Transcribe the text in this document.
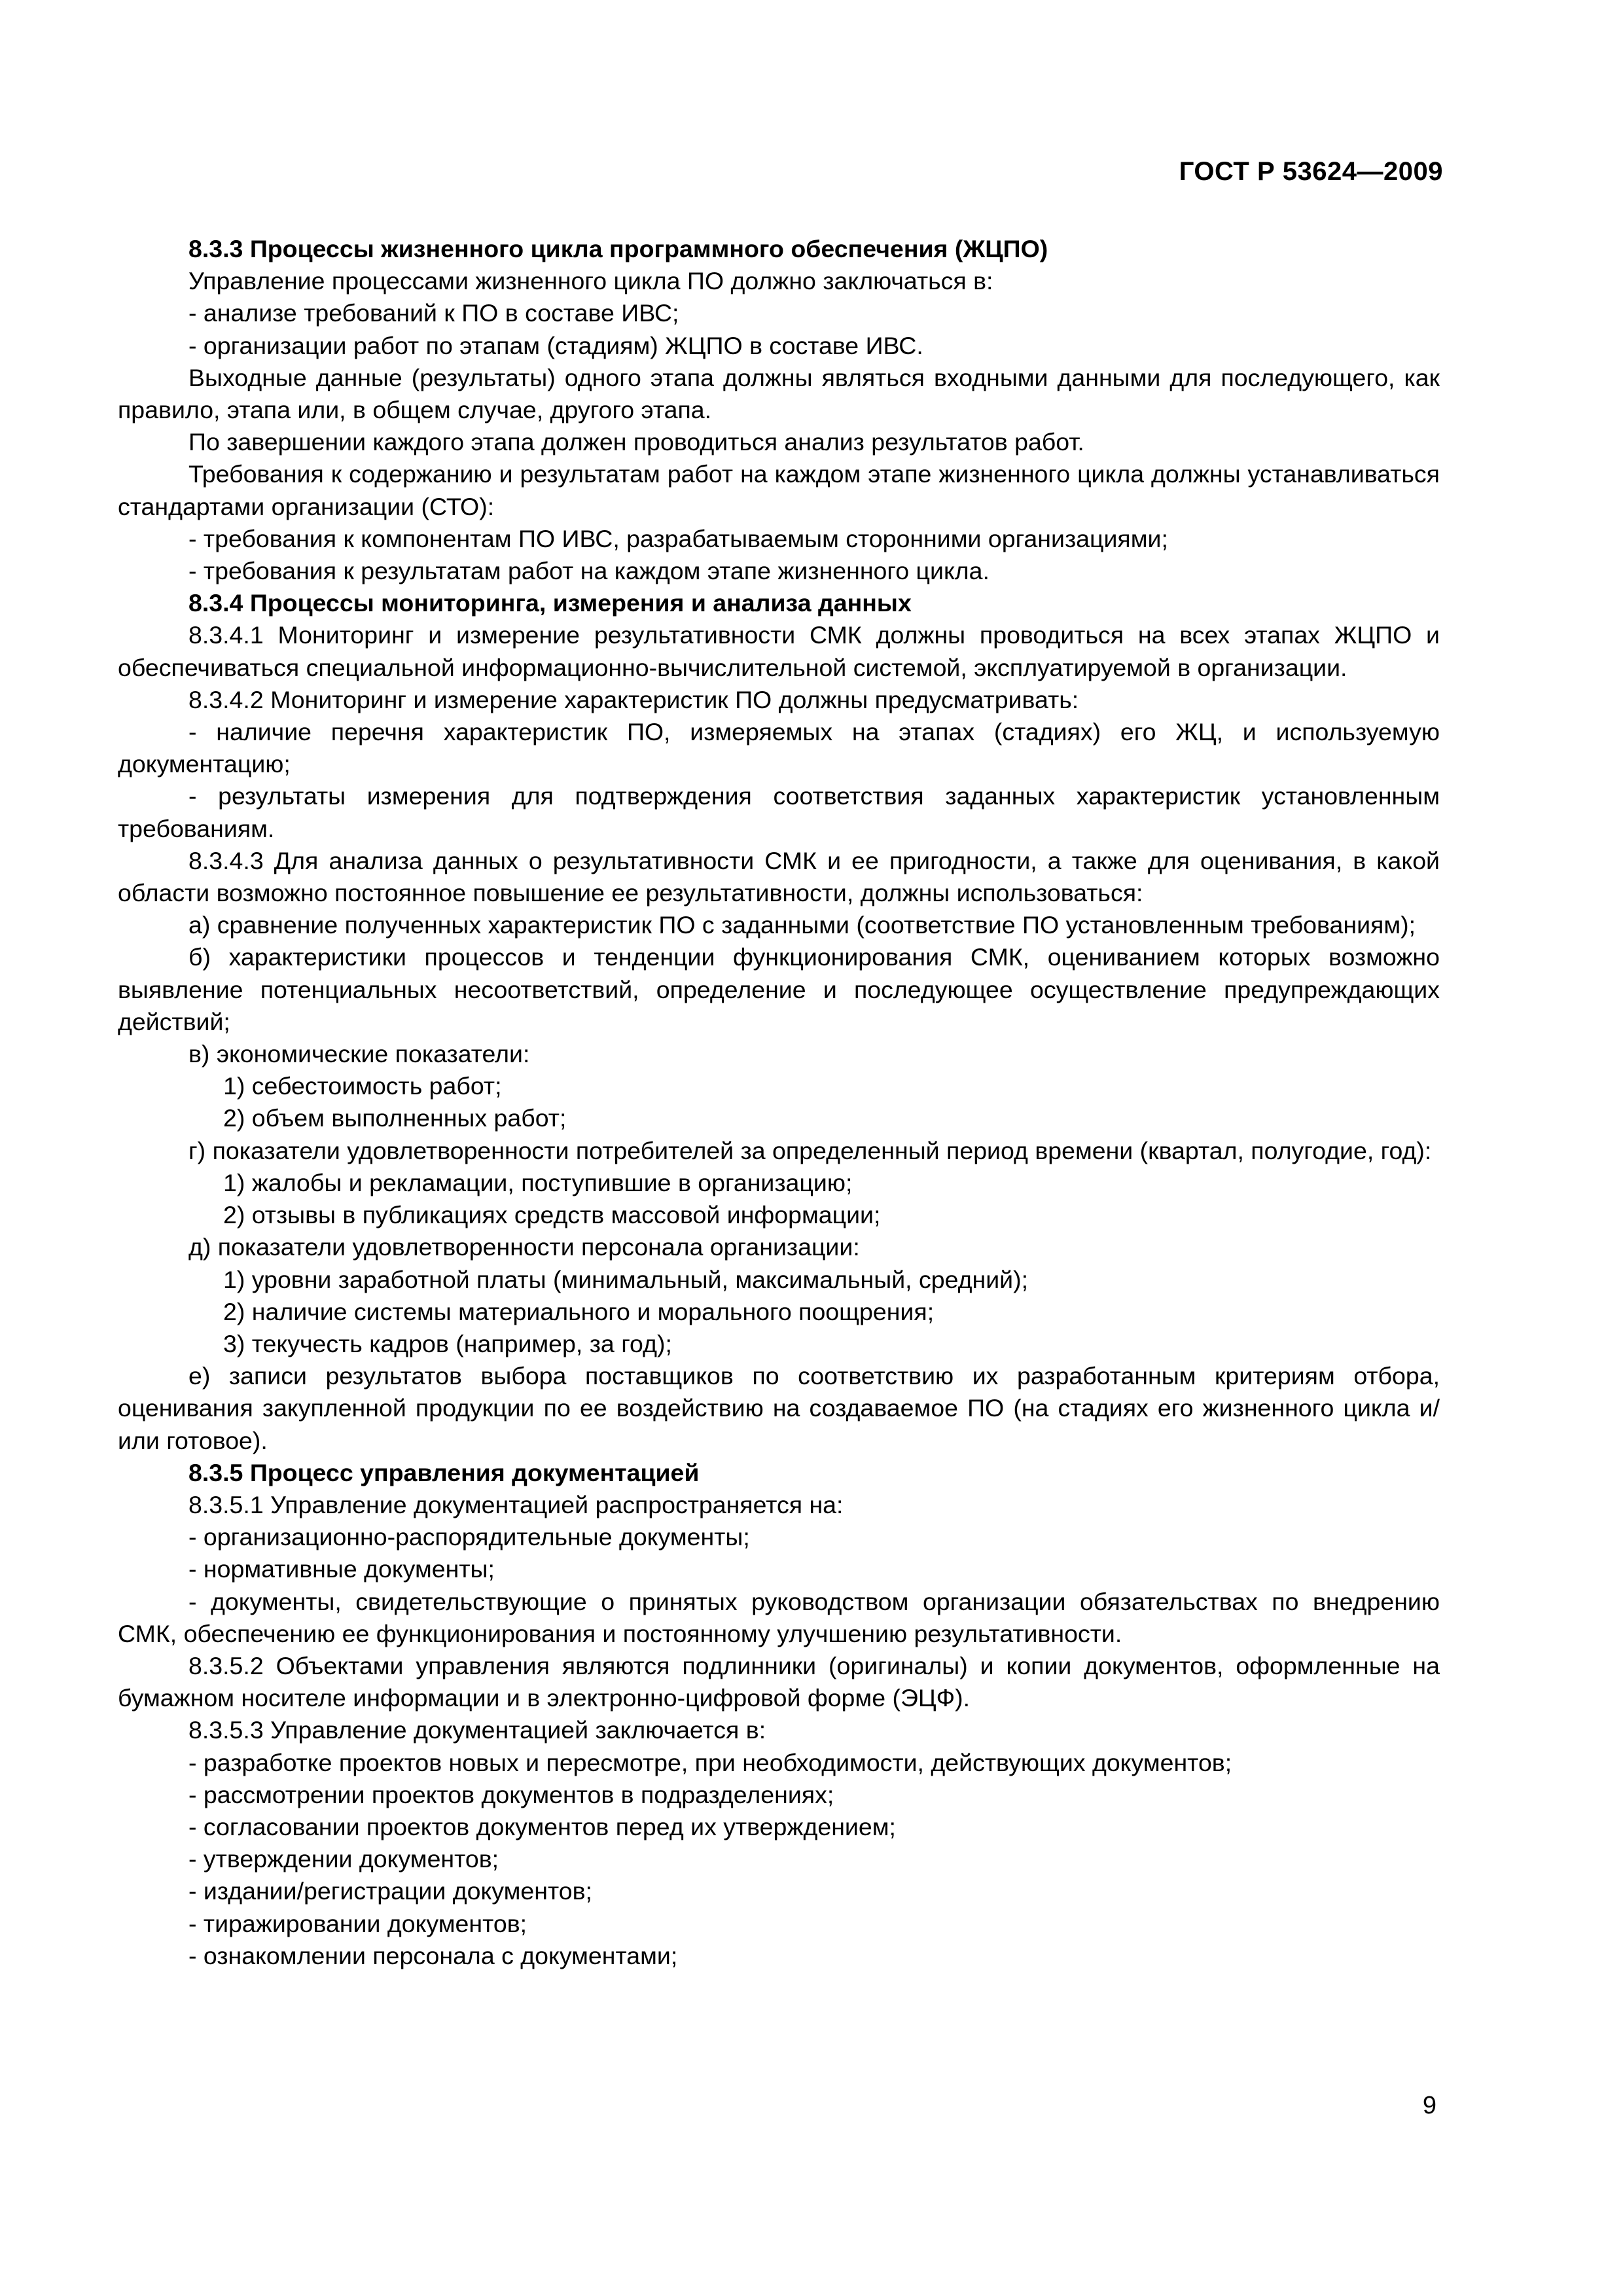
ГОСТ Р 53624—2009

8.3.3 Процессы жизненного цикла программного обеспечения (ЖЦПО)

Управление процессами жизненного цикла ПО должно заключаться в:

- анализе требований к ПО в составе ИВС;

- организации работ по этапам (стадиям) ЖЦПО в составе ИВС.

Выходные данные (результаты) одного этапа должны являться входными данными для последующего, как правило, этапа или, в общем случае, другого этапа.

По завершении каждого этапа должен проводиться анализ результатов работ.

Требования к содержанию и результатам работ на каждом этапе жизненного цикла должны устанавливаться стандартами организации (СТО):

- требования к компонентам ПО ИВС, разрабатываемым сторонними организациями;

- требования к результатам работ на каждом этапе жизненного цикла.

8.3.4 Процессы мониторинга, измерения и анализа данных

8.3.4.1 Мониторинг и измерение результативности СМК должны проводиться на всех этапах ЖЦПО и обеспечиваться специальной информационно-вычислительной системой, эксплуатируемой в организации.

8.3.4.2 Мониторинг и измерение характеристик ПО должны предусматривать:

- наличие перечня характеристик ПО, измеряемых на этапах (стадиях) его ЖЦ, и используемую документацию;

- результаты измерения для подтверждения соответствия заданных характеристик установленным требованиям.

8.3.4.3 Для анализа данных о результативности СМК и ее пригодности, а также для оценивания, в какой области возможно постоянное повышение ее результативности, должны использоваться:

а) сравнение полученных характеристик ПО с заданными (соответствие ПО установленным требованиям);

б) характеристики процессов и тенденции функционирования СМК, оцениванием которых возможно выявление потенциальных несоответствий, определение и последующее осуществление предупреждающих действий;

в) экономические показатели:

1) себестоимость работ;

2) объем выполненных работ;

г) показатели удовлетворенности потребителей за определенный период времени (квартал, полугодие, год):

1) жалобы и рекламации, поступившие в организацию;

2) отзывы в публикациях средств массовой информации;

д) показатели удовлетворенности персонала организации:

1) уровни заработной платы (минимальный, максимальный, средний);

2) наличие системы материального и морального поощрения;

3) текучесть кадров (например, за год);

е) записи результатов выбора поставщиков по соответствию их разработанным критериям отбора, оценивания закупленной продукции по ее воздействию на создаваемое ПО (на стадиях его жизненного цикла и/или готовое).

8.3.5 Процесс управления документацией

8.3.5.1 Управление документацией распространяется на:

- организационно-распорядительные документы;

- нормативные документы;

- документы, свидетельствующие о принятых руководством организации обязательствах по внедрению СМК, обеспечению ее функционирования и постоянному улучшению результативности.

8.3.5.2 Объектами управления являются подлинники (оригиналы) и копии документов, оформленные на бумажном носителе информации и в электронно-цифровой форме (ЭЦФ).

8.3.5.3 Управление документацией заключается в:

- разработке проектов новых и пересмотре, при необходимости, действующих документов;

- рассмотрении проектов документов в подразделениях;

- согласовании проектов документов перед их утверждением;

- утверждении документов;

- издании/регистрации документов;

- тиражировании документов;

- ознакомлении персонала с документами;

9
